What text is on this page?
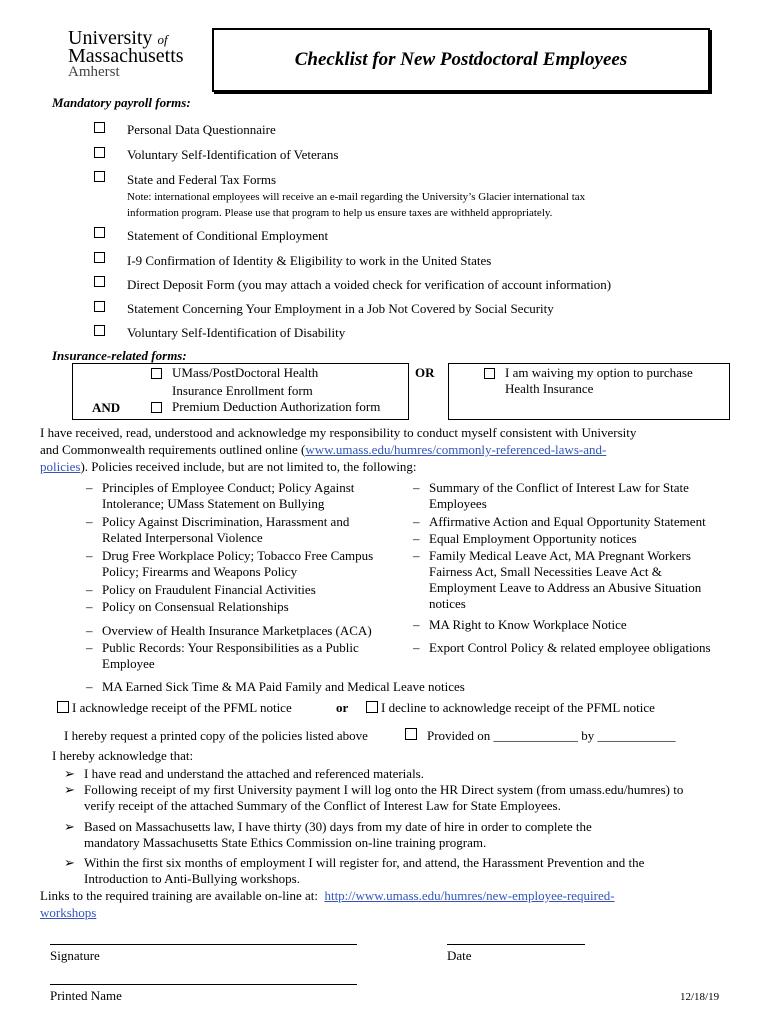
University of
Massachusetts
Amherst
Checklist for New Postdoctoral Employees
Mandatory payroll forms:
Personal Data Questionnaire
Voluntary Self-Identification of Veterans
State and Federal Tax Forms
Note: international employees will receive an e-mail regarding the University’s Glacier international tax
information program. Please use that program to help us ensure taxes are withheld appropriately.
Statement of Conditional Employment
I-9 Confirmation of Identity & Eligibility to work in the United States
Direct Deposit Form (you may attach a voided check for verification of account information)
Statement Concerning Your Employment in a Job Not Covered by Social Security
Voluntary Self-Identification of Disability
Insurance-related forms:
UMass/PostDoctoral Health
Insurance Enrollment form
AND	Premium Deduction Authorization form
OR	I am waiving my option to purchase
Health Insurance
I have received, read, understood and acknowledge my responsibility to conduct myself consistent with University
and Commonwealth requirements outlined online (www.umass.edu/humres/commonly-referenced-laws-and-
policies). Policies received include, but are not limited to, the following:
– Principles of Employee Conduct; Policy Against
Intolerance; UMass Statement on Bullying
– Policy Against Discrimination, Harassment and
Related Interpersonal Violence
– Drug Free Workplace Policy; Tobacco Free Campus
Policy; Firearms and Weapons Policy
– Policy on Fraudulent Financial Activities
– Policy on Consensual Relationships
– Overview of Health Insurance Marketplaces (ACA)
– Public Records: Your Responsibilities as a Public
Employee
– Summary of the Conflict of Interest Law for State
Employees
– Affirmative Action and Equal Opportunity Statement
– Equal Employment Opportunity notices
– Family Medical Leave Act, MA Pregnant Workers
Fairness Act, Small Necessities Leave Act &
Employment Leave to Address an Abusive Situation
notices
– MA Right to Know Workplace Notice
– Export Control Policy & related employee obligations
– MA Earned Sick Time & MA Paid Family and Medical Leave notices
I acknowledge receipt of the PFML notice	or	I decline to acknowledge receipt of the PFML notice
I hereby request a printed copy of the policies listed above	Provided on _____________ by ____________
I hereby acknowledge that:
➢ I have read and understand the attached and referenced materials.
➢ Following receipt of my first University payment I will log onto the HR Direct system (from umass.edu/humres) to
verify receipt of the attached Summary of the Conflict of Interest Law for State Employees.
➢ Based on Massachusetts law, I have thirty (30) days from my date of hire in order to complete the
mandatory Massachusetts State Ethics Commission on-line training program.
➢ Within the first six months of employment I will register for, and attend, the Harassment Prevention and the
Introduction to Anti-Bullying workshops.
Links to the required training are available on-line at: http://www.umass.edu/humres/new-employee-required-
workshops
Signature	Date
Printed Name	12/18/19
